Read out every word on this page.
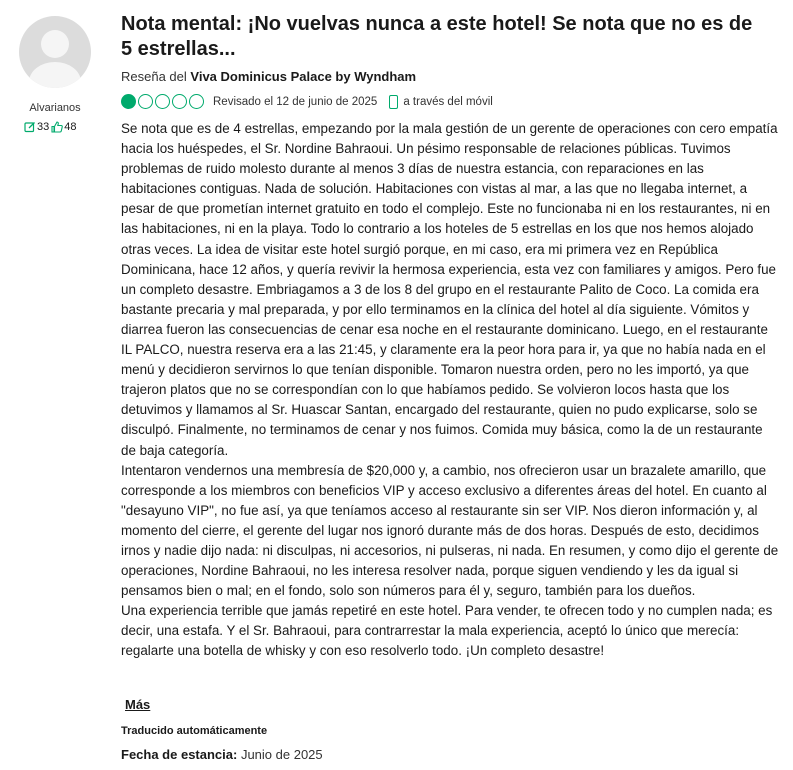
Alvarianos
33 48
Nota mental: ¡No vuelvas nunca a este hotel! Se nota que no es de 5 estrellas...
Reseña del Viva Dominicus Palace by Wyndham
Revisado el 12 de junio de 2025 a través del móvil

Se nota que es de 4 estrellas, empezando por la mala gestión de un gerente de operaciones con cero empatía hacia los huéspedes, el Sr. Nordine Bahraoui. Un pésimo responsable de relaciones públicas. Tuvimos problemas de ruido molesto durante al menos 3 días de nuestra estancia, con reparaciones en las habitaciones contiguas. Nada de solución. Habitaciones con vistas al mar, a las que no llegaba internet, a pesar de que prometían internet gratuito en todo el complejo. Este no funcionaba ni en los restaurantes, ni en las habitaciones, ni en la playa. Todo lo contrario a los hoteles de 5 estrellas en los que nos hemos alojado otras veces. La idea de visitar este hotel surgió porque, en mi caso, era mi primera vez en República Dominicana, hace 12 años, y quería revivir la hermosa experiencia, esta vez con familiares y amigos. Pero fue un completo desastre. Embriagamos a 3 de los 8 del grupo en el restaurante Palito de Coco. La comida era bastante precaria y mal preparada, y por ello terminamos en la clínica del hotel al día siguiente. Vómitos y diarrea fueron las consecuencias de cenar esa noche en el restaurante dominicano. Luego, en el restaurante IL PALCO, nuestra reserva era a las 21:45, y claramente era la peor hora para ir, ya que no había nada en el menú y decidieron servirnos lo que tenían disponible. Tomaron nuestra orden, pero no les importó, ya que trajeron platos que no se correspondían con lo que habíamos pedido. Se volvieron locos hasta que los detuvimos y llamamos al Sr. Huascar Santan, encargado del restaurante, quien no pudo explicarse, solo se disculpó. Finalmente, no terminamos de cenar y nos fuimos. Comida muy básica, como la de un restaurante de baja categoría.

Intentaron vendernos una membresía de $20,000 y, a cambio, nos ofrecieron usar un brazalete amarillo, que corresponde a los miembros con beneficios VIP y acceso exclusivo a diferentes áreas del hotel. En cuanto al "desayuno VIP", no fue así, ya que teníamos acceso al restaurante sin ser VIP. Nos dieron información y, al momento del cierre, el gerente del lugar nos ignoró durante más de dos horas. Después de esto, decidimos irnos y nadie dijo nada: ni disculpas, ni accesorios, ni pulseras, ni nada. En resumen, y como dijo el gerente de operaciones, Nordine Bahraoui, no les interesa resolver nada, porque siguen vendiendo y les da igual si pensamos bien o mal; en el fondo, solo son números para él y, seguro, también para los dueños.

Una experiencia terrible que jamás repetiré en este hotel. Para vender, te ofrecen todo y no cumplen nada; es decir, una estafa. Y el Sr. Bahraoui, para contrarrestar la mala experiencia, aceptó lo único que merecía: regalarte una botella de whisky y con eso resolverlo todo. ¡Un completo desastre!

Más
Traducido automáticamente
Fecha de estancia: Junio de 2025
